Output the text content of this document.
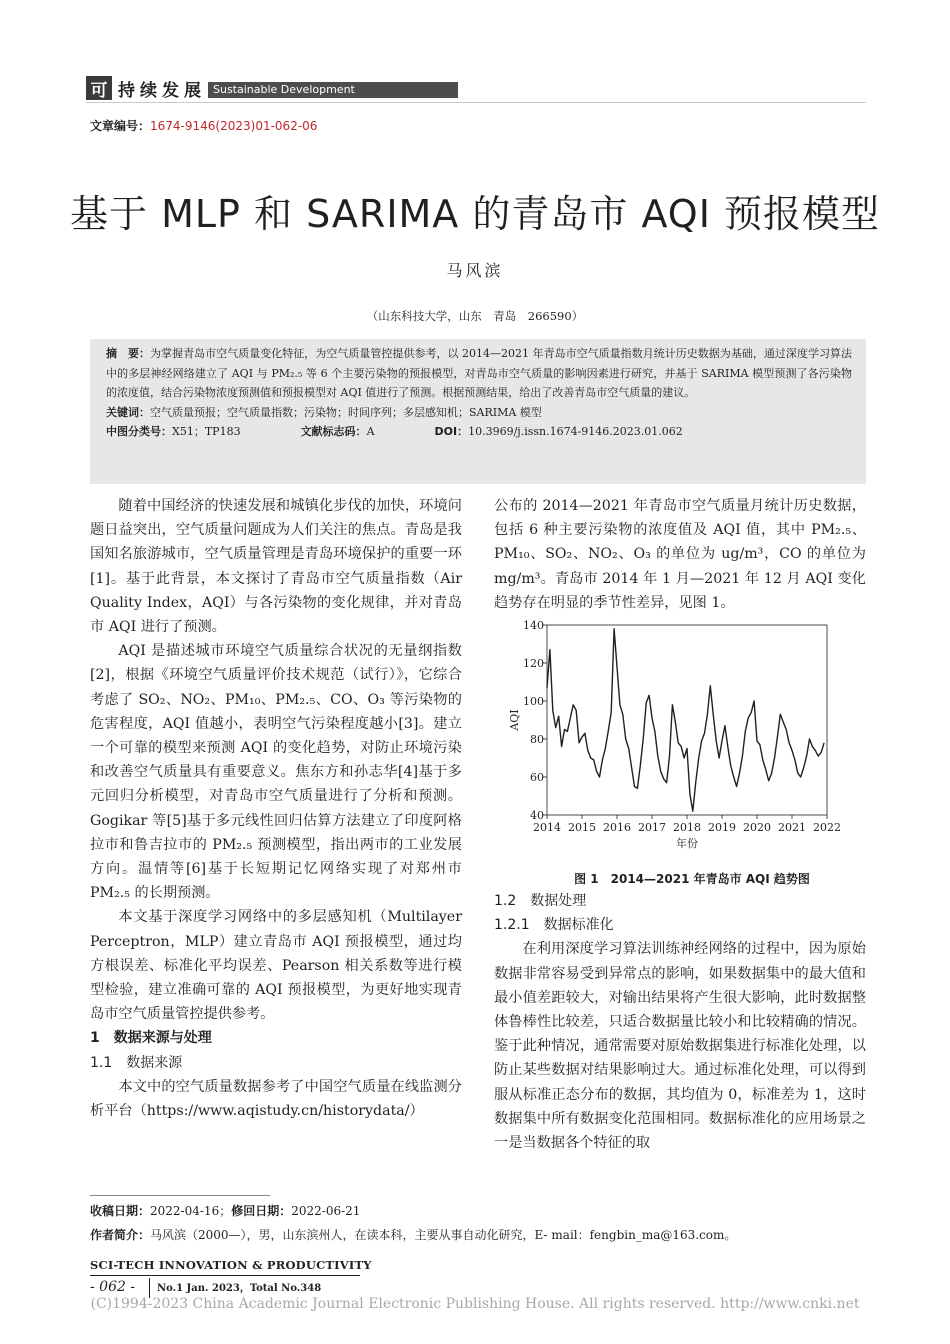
可 持续发展 Sustainable Development
文章编号：1674-9146(2023)01-062-06
基于 MLP 和 SARIMA 的青岛市 AQI 预报模型
马风滨
（山东科技大学，山东　青岛　266590）

摘　要：为掌握青岛市空气质量变化特征，为空气质量管控提供参考，以 2014—2021 年青岛市空气质量指数月统计历史数据为基础，通过深度学习算法中的多层神经网络建立了 AQI 与 PM₂.₅ 等 6 个主要污染物的预报模型，对青岛市空气质量的影响因素进行研究，并基于 SARIMA 模型预测了各污染物的浓度值，结合污染物浓度预测值和预报模型对 AQI 值进行了预测。根据预测结果，给出了改善青岛市空气质量的建议。

关键词：空气质量预报；空气质量指数；污染物；时间序列；多层感知机；SARIMA 模型

中图分类号：X51；TP183	文献标志码：A	DOI：10.3969/j.issn.1674-9146.2023.01.062

随着中国经济的快速发展和城镇化步伐的加快，环境问题日益突出，空气质量问题成为人们关注的焦点。青岛是我国知名旅游城市，空气质量管理是青岛环境保护的重要一环[1]。基于此背景，本文探讨了青岛市空气质量指数（Air Quality Index，AQI）与各污染物的变化规律，并对青岛市 AQI 进行了预测。

AQI 是描述城市环境空气质量综合状况的无量纲指数[2]，根据《环境空气质量评价技术规范（试行）》，它综合考虑了 SO₂、NO₂、PM₁₀、PM₂.₅、CO、O₃ 等污染物的危害程度，AQI 值越小，表明空气污染程度越小[3]。建立一个可靠的模型来预测 AQI 的变化趋势，对防止环境污染和改善空气质量具有重要意义。焦东方和孙志华[4]基于多元回归分析模型，对青岛市空气质量进行了分析和预测。Gogikar 等[5]基于多元线性回归估算方法建立了印度阿格拉市和鲁吉拉市的 PM₂.₅ 预测模型，指出两市的工业发展方向。温情等[6]基于长短期记忆网络实现了对郑州市 PM₂.₅ 的长期预测。

本文基于深度学习网络中的多层感知机（Multilayer Perceptron，MLP）建立青岛市 AQI 预报模型，通过均方根误差、标准化平均误差、Pearson 相关系数等进行模型检验，建立准确可靠的 AQI 预报模型，为更好地实现青岛市空气质量管控提供参考。

1　数据来源与处理

1.1　数据来源

本文中的空气质量数据参考了中国空气质量在线监测分析平台（https://www.aqistudy.cn/historydata/）

公布的 2014—2021 年青岛市空气质量月统计历史数据，包括 6 种主要污染物的浓度值及 AQI 值，其中 PM₂.₅、PM₁₀、SO₂、NO₂、O₃ 的单位为 ug/m³，CO 的单位为 mg/m³。青岛市 2014 年 1 月—2021 年 12 月 AQI 变化趋势存在明显的季节性差异，见图 1。

40
60
80
100
120
140
2014 2015 2016 2017 2018 2019 2020 2021 2022
AQI
年份

图 1　2014—2021 年青岛市 AQI 趋势图

1.2　数据处理

1.2.1　数据标准化

在利用深度学习算法训练神经网络的过程中，因为原始数据非常容易受到异常点的影响，如果数据集中的最大值和最小值差距较大，对输出结果将产生很大影响，此时数据整体鲁棒性比较差，只适合数据量比较小和比较精确的情况。鉴于此种情况，通常需要对原始数据集进行标准化处理，以防止某些数据对结果影响过大。通过标准化处理，可以得到服从标准正态分布的数据，其均值为 0，标准差为 1，这时数据集中所有数据变化范围相同。数据标准化的应用场景之一是当数据各个特征的取

收稿日期：2022-04-16；修回日期：2022-06-21
作者简介：马风滨（2000—），男，山东滨州人，在读本科，主要从事自动化研究，E- mail：fengbin_ma@163.com。
SCI-TECH INNOVATION & PRODUCTIVITY
- 062 - No.1 Jan. 2023，Total No.348
(C)1994-2023 China Academic Journal Electronic Publishing House. All rights reserved. http://www.cnki.net
